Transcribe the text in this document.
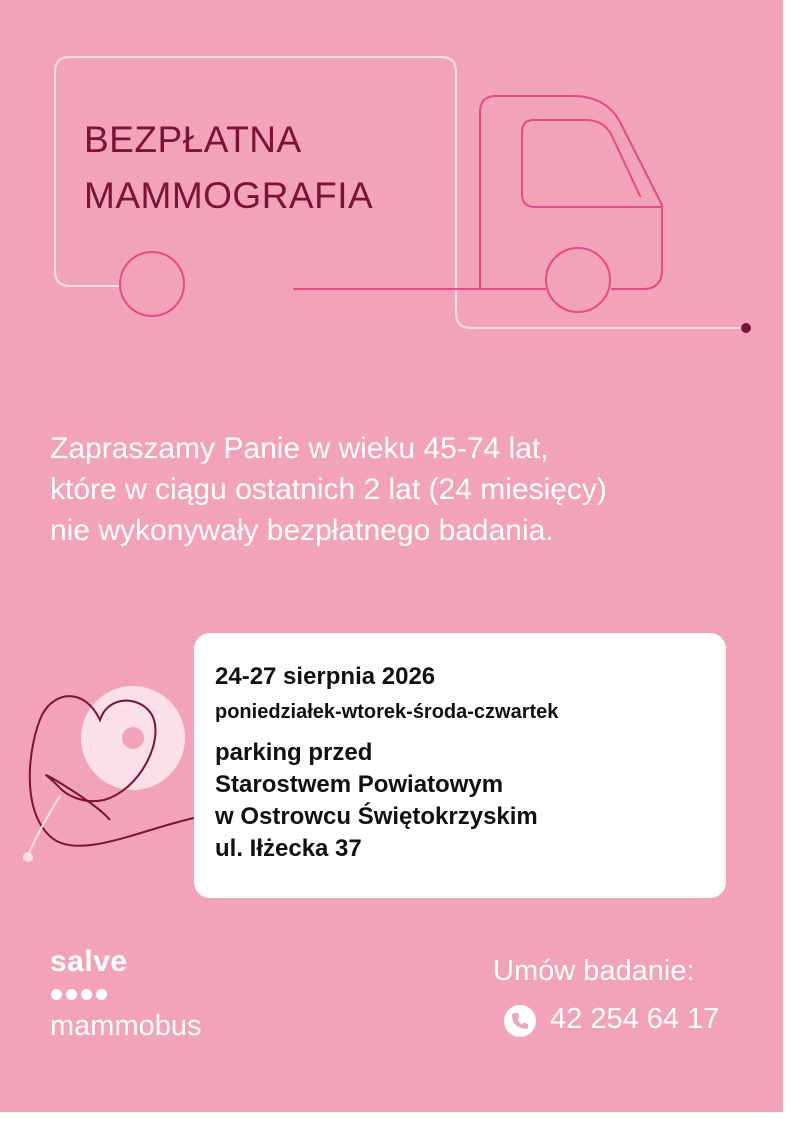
BEZPŁATNA
MAMMOGRAFIA
Zapraszamy Panie w wieku 45-74 lat,
które w ciągu ostatnich 2 lat (24 miesięcy)
nie wykonywały bezpłatnego badania.
24-27 sierpnia 2026
poniedziałek-wtorek-środa-czwartek
parking przed
Starostwem Powiatowym
w Ostrowcu Świętokrzyskim
ul. Iłżecka 37
salve
mammobus
Umów badanie:
42 254 64 17
